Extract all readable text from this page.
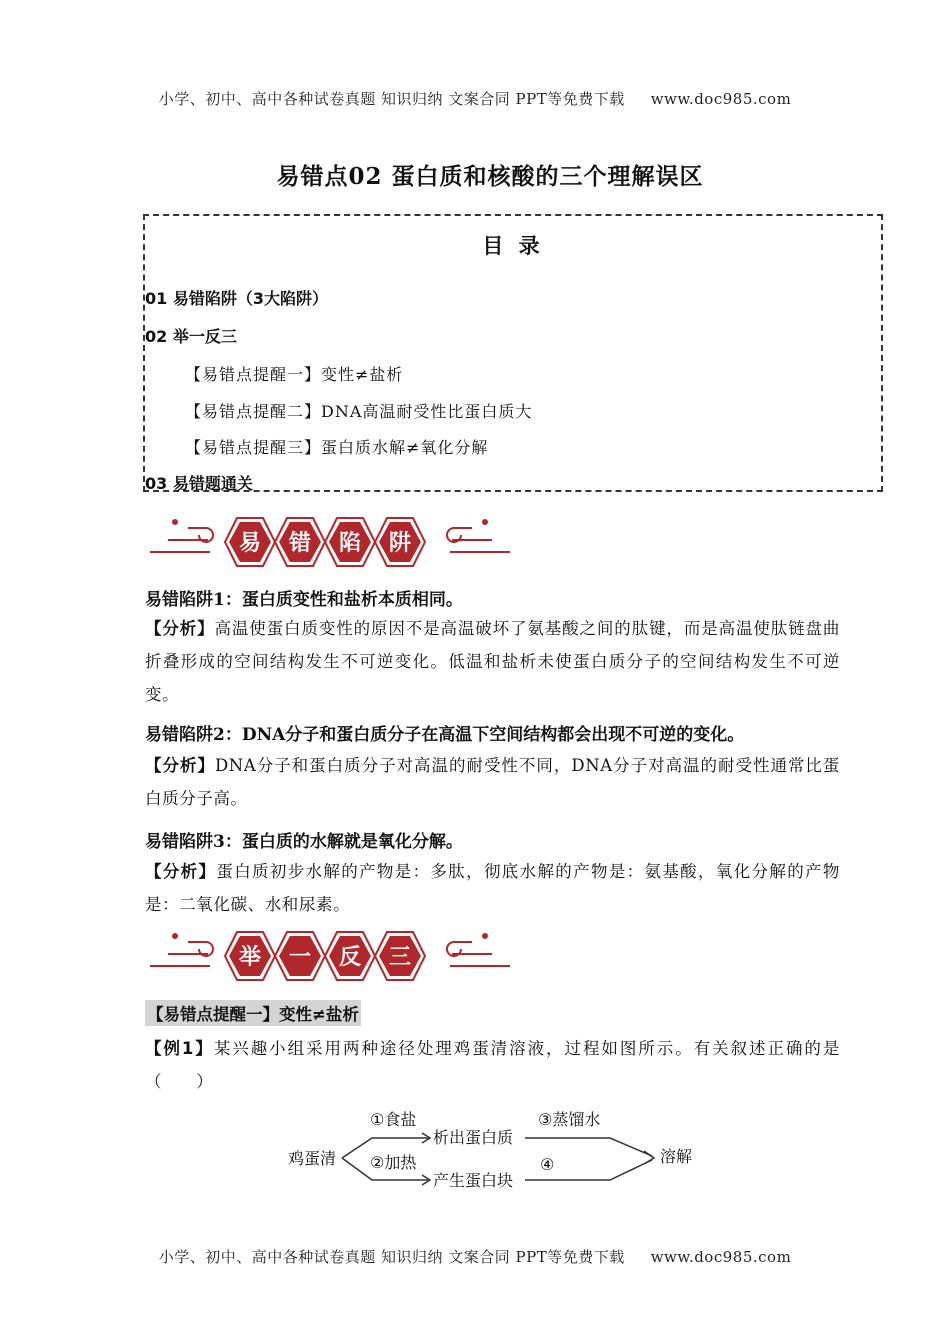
小学、初中、高中各种试卷真题 知识归纳 文案合同 PPT等免费下载 www.doc985.com
易错点02 蛋白质和核酸的三个理解误区
目 录
01 易错陷阱（3大陷阱）
02 举一反三
【易错点提醒一】变性≠盐析
【易错点提醒二】DNA高温耐受性比蛋白质大
【易错点提醒三】蛋白质水解≠氧化分解
03 易错题通关
易 错 陷 阱
易错陷阱1：蛋白质变性和盐析本质相同。
【分析】高温使蛋白质变性的原因不是高温破坏了氨基酸之间的肽键，而是高温使肽链盘曲折叠形成的空间结构发生不可逆变化。低温和盐析未使蛋白质分子的空间结构发生不可逆变。
易错陷阱2：DNA分子和蛋白质分子在高温下空间结构都会出现不可逆的变化。
【分析】DNA分子和蛋白质分子对高温的耐受性不同，DNA分子对高温的耐受性通常比蛋白质分子高。
易错陷阱3：蛋白质的水解就是氧化分解。
【分析】蛋白质初步水解的产物是：多肽，彻底水解的产物是：氨基酸，氧化分解的产物是：二氧化碳、水和尿素。
举 一 反 三
【易错点提醒一】变性≠盐析
【例1】某兴趣小组采用两种途径处理鸡蛋清溶液，过程如图所示。有关叙述正确的是（　　）
鸡蛋清
①食盐
②加热
析出蛋白质
产生蛋白块
③蒸馏水
④	溶解
小学、初中、高中各种试卷真题 知识归纳 文案合同 PPT等免费下载 www.doc985.com
